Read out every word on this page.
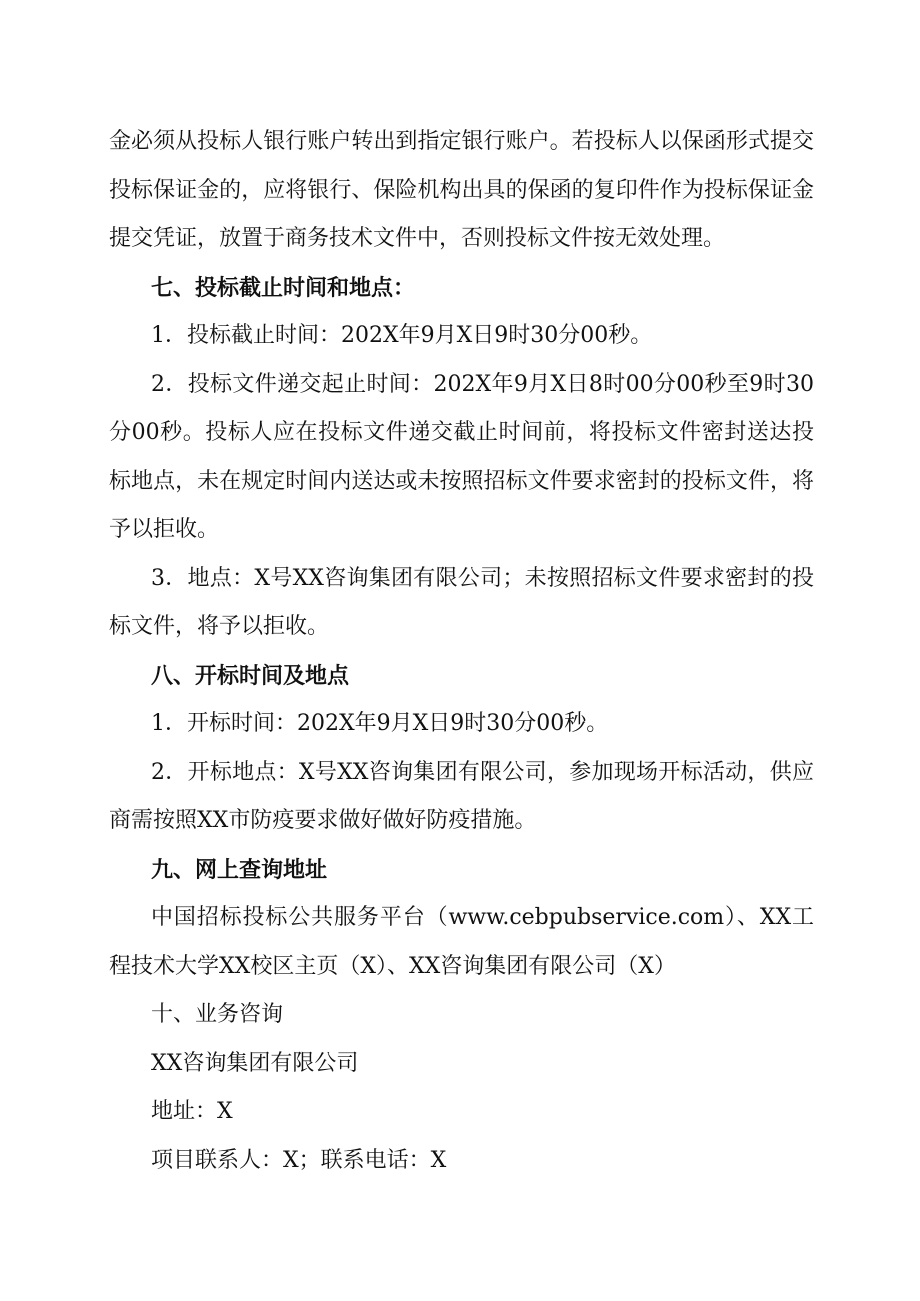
金必须从投标人银行账户转出到指定银行账户。若投标人以保函形式提交投标保证金的，应将银行、保险机构出具的保函的复印件作为投标保证金提交凭证，放置于商务技术文件中，否则投标文件按无效处理。

七、投标截止时间和地点：

1．投标截止时间：202X年9月X日9时30分00秒。

2．投标文件递交起止时间：202X年9月X日8时00分00秒至9时30分00秒。投标人应在投标文件递交截止时间前，将投标文件密封送达投标地点，未在规定时间内送达或未按照招标文件要求密封的投标文件，将予以拒收。

3．地点：X号XX咨询集团有限公司；未按照招标文件要求密封的投标文件，将予以拒收。

八、开标时间及地点

1．开标时间：202X年9月X日9时30分00秒。

2．开标地点：X号XX咨询集团有限公司，参加现场开标活动，供应商需按照XX市防疫要求做好做好防疫措施。

九、网上查询地址

中国招标投标公共服务平台（www.cebpubservice.com）、XX工程技术大学XX校区主页（X）、XX咨询集团有限公司（X）

十、业务咨询

XX咨询集团有限公司

地址：X

项目联系人：X；联系电话：X
